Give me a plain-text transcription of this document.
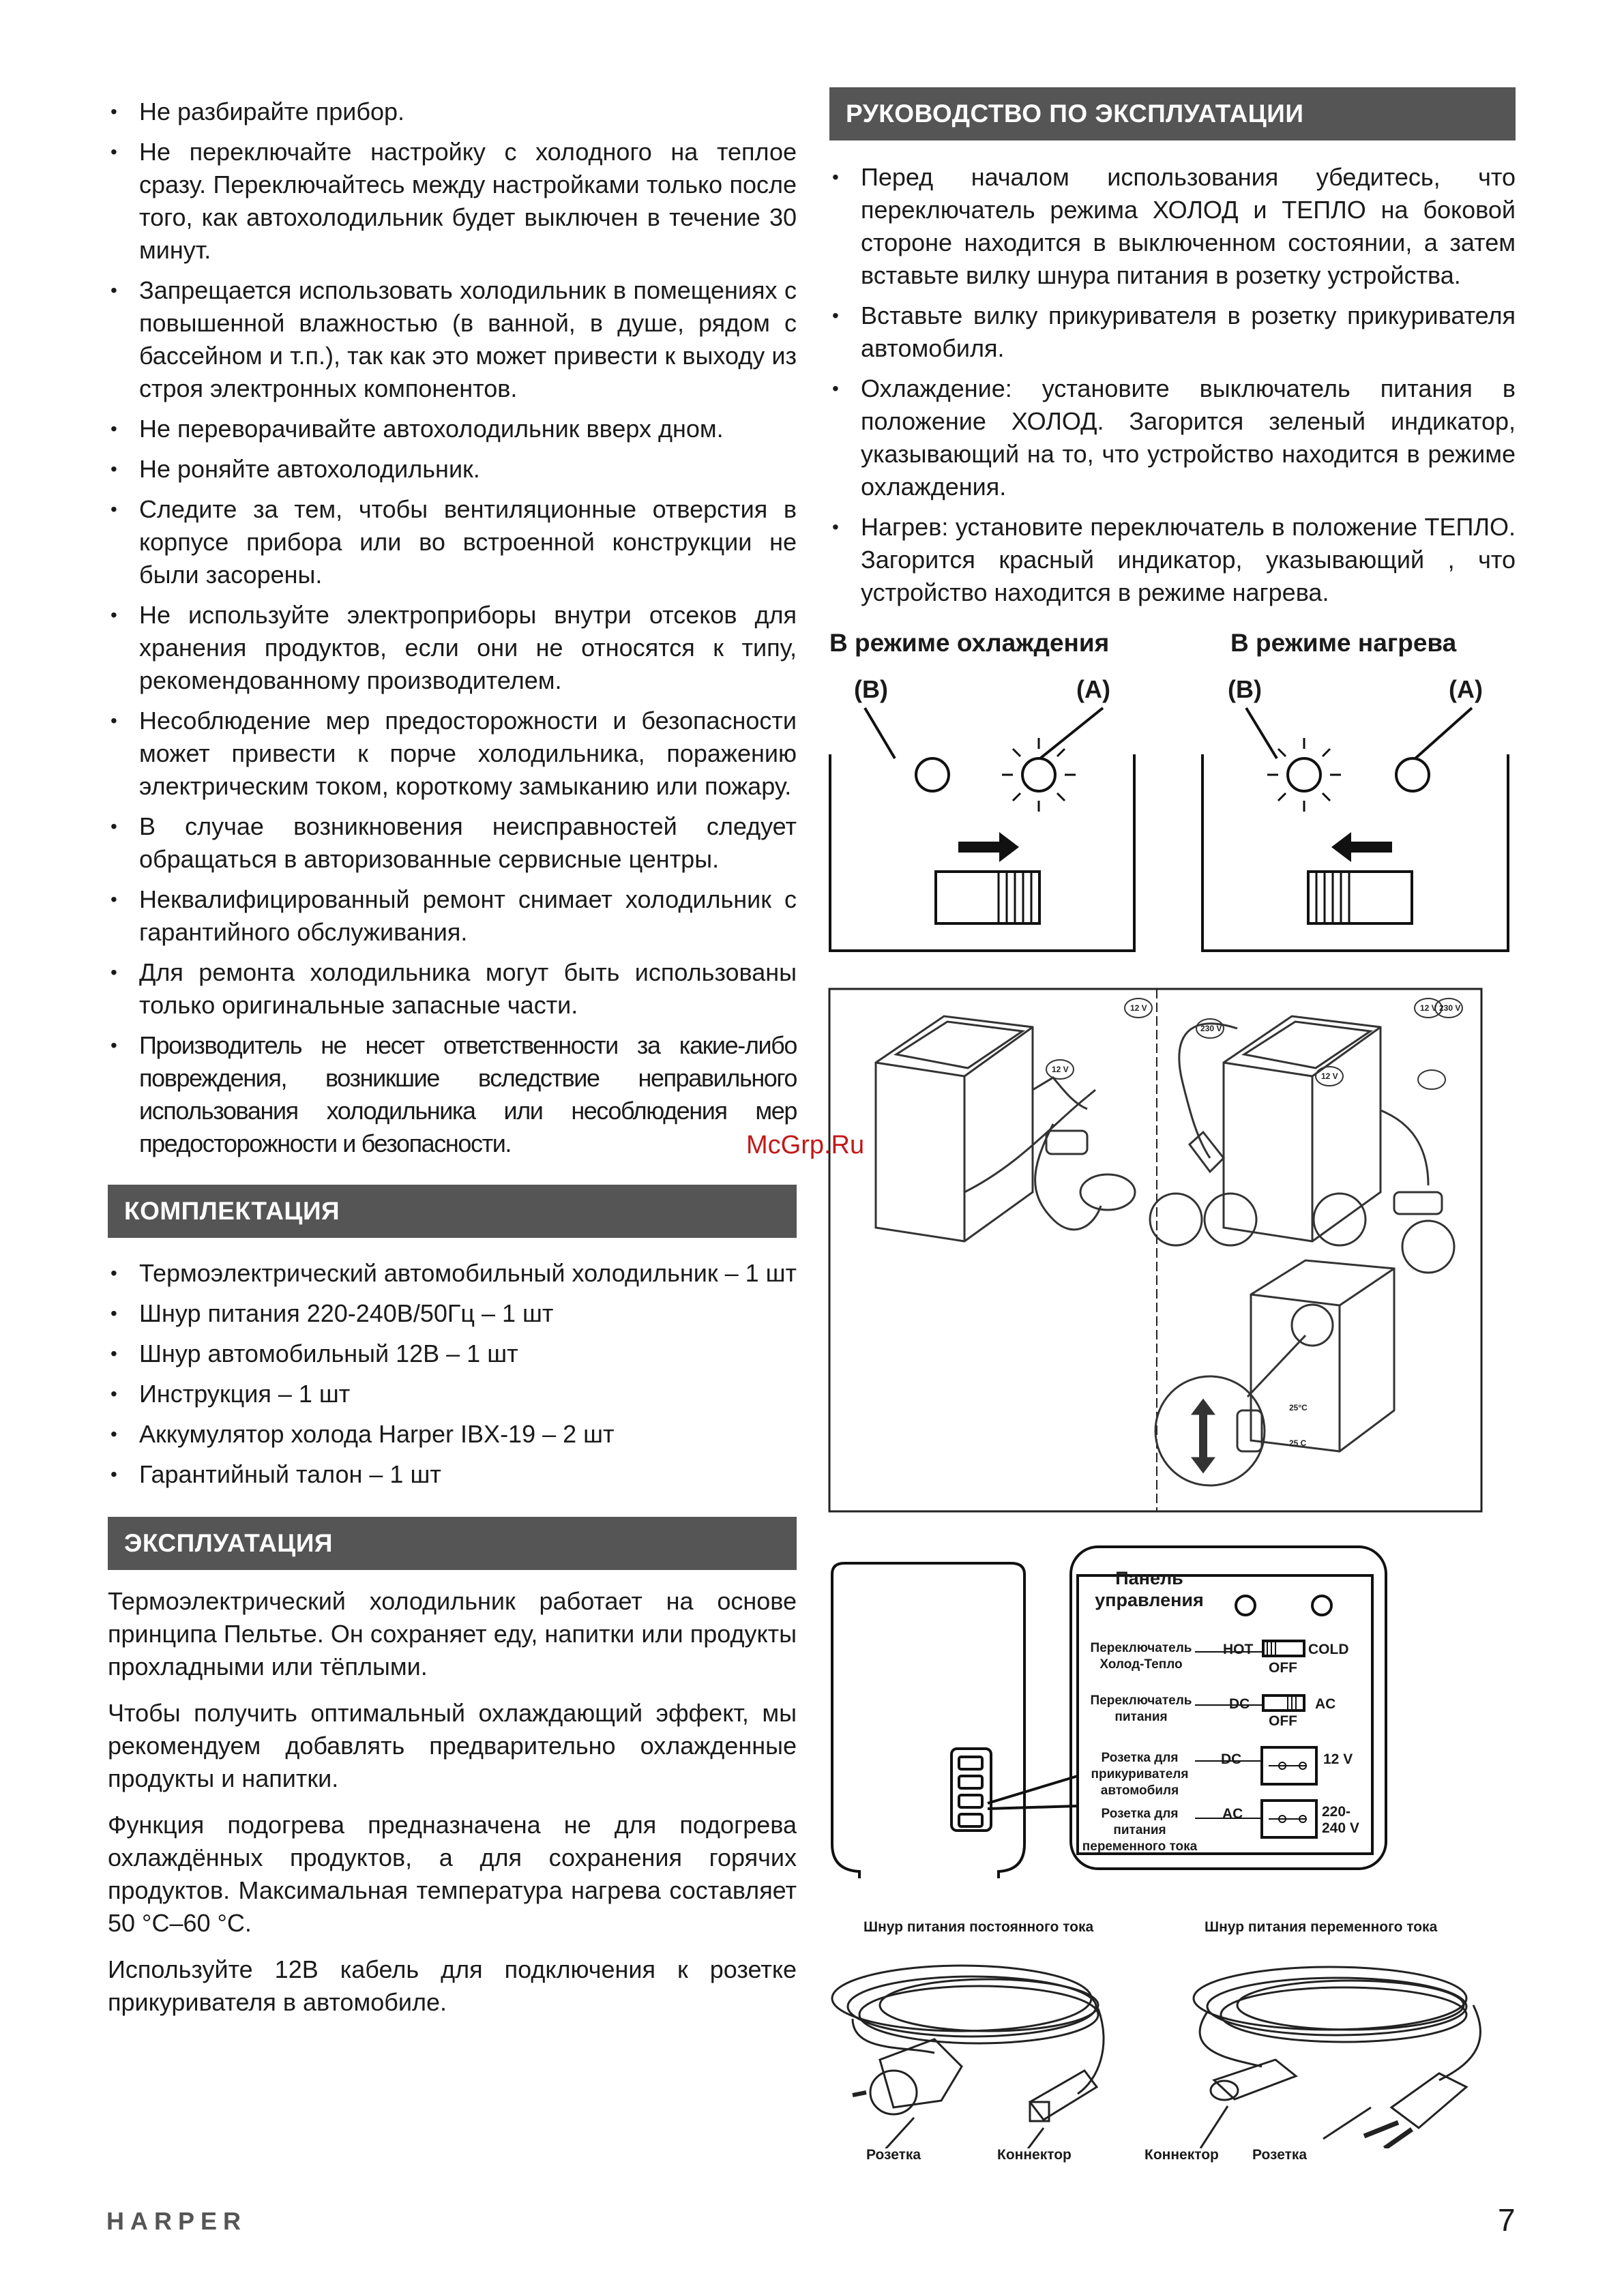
• Не разбирайте прибор.
• Не переключайте настройку с холодного на теплое сразу. Переключайтесь между настройками только после того, как автохолодильник будет выключен в течение 30 минут.
• Запрещается использовать холодильник в помещениях с повышенной влажностью (в ванной, в душе, рядом с бассейном и т.п.), так как это может привести к выходу из строя электронных компонентов.
• Не переворачивайте автохолодильник вверх дном.
• Не роняйте автохолодильник.
• Следите за тем, чтобы вентиляционные отверстия в корпусе прибора или во встроенной конструкции не были засорены.
• Не используйте электроприборы внутри отсеков для хранения продуктов, если они не относятся к типу, рекомендованному производителем.
• Несоблюдение мер предосторожности и безопасности может привести к порче холодильника, поражению электрическим током, короткому замыканию или пожару.
• В случае возникновения неисправностей следует обращаться в авторизованные сервисные центры.
• Неквалифицированный ремонт снимает холодильник с гарантийного обслуживания.
• Для ремонта холодильника могут быть использованы только оригинальные запасные части.
• Производитель не несет ответственности за какие-либо повреждения, возникшие вследствие неправильного использования холодильника или несоблюдения мер предосторожности и безопасности.
КОМПЛЕКТАЦИЯ
• Термоэлектрический автомобильный холодильник – 1 шт
• Шнур питания 220-240В/50Гц – 1 шт
• Шнур автомобильный 12В – 1 шт
• Инструкция – 1 шт
• Аккумулятор холода Harper IBX-19 – 2 шт
• Гарантийный талон – 1 шт
ЭКСПЛУАТАЦИЯ

Термоэлектрический холодильник работает на основе принципа Пельтье. Он сохраняет еду, напитки или продукты прохладными или тёплыми.

Чтобы получить оптимальный охлаждающий эффект, мы рекомендуем добавлять предварительно охлажденные продукты и напитки.

Функция подогрева предназначена не для подогрева охлаждённых продуктов, а для сохранения горячих продуктов. Максимальная температура нагрева составляет 50 °С–60 °С.

Используйте 12В кабель для подключения к розетке прикуривателя в автомобиле.

РУКОВОДСТВО ПО ЭКСПЛУАТАЦИИ
• Перед началом использования убедитесь, что переключатель режима ХОЛОД и ТЕПЛО на боковой стороне находится в выключенном состоянии, а затем вставьте вилку шнура питания в розетку устройства.
• Вставьте вилку прикуривателя в розетку прикуривателя автомобиля.
• Охлаждение: установите выключатель питания в положение ХОЛОД. Загорится зеленый индикатор, указывающий на то, что устройство находится в режиме охлаждения.
• Нагрев: установите переключатель в положение ТЕПЛО. Загорится красный индикатор, указывающий , что устройство находится в режиме нагрева.
В режиме охлаждения	В режиме нагрева
(B)	(A)	(B)	(A)
12 V	12 V
12 V
12 V
230 V
230 V
25°C
25 C
Панель управления
Переключатель Холод-Тепло
Переключатель питания
Розетка для прикуривателя автомобиля
Розетка для питания переменного тока
HOT	COLD
OFF
DC	AC
OFF
DC	12 V
AC	220-240 V
Шнур питания постоянного тока	Шнур питания переменного тока
Розетка	Коннектор	Коннектор Розетка
McGrp.Ru
HARPER	7
